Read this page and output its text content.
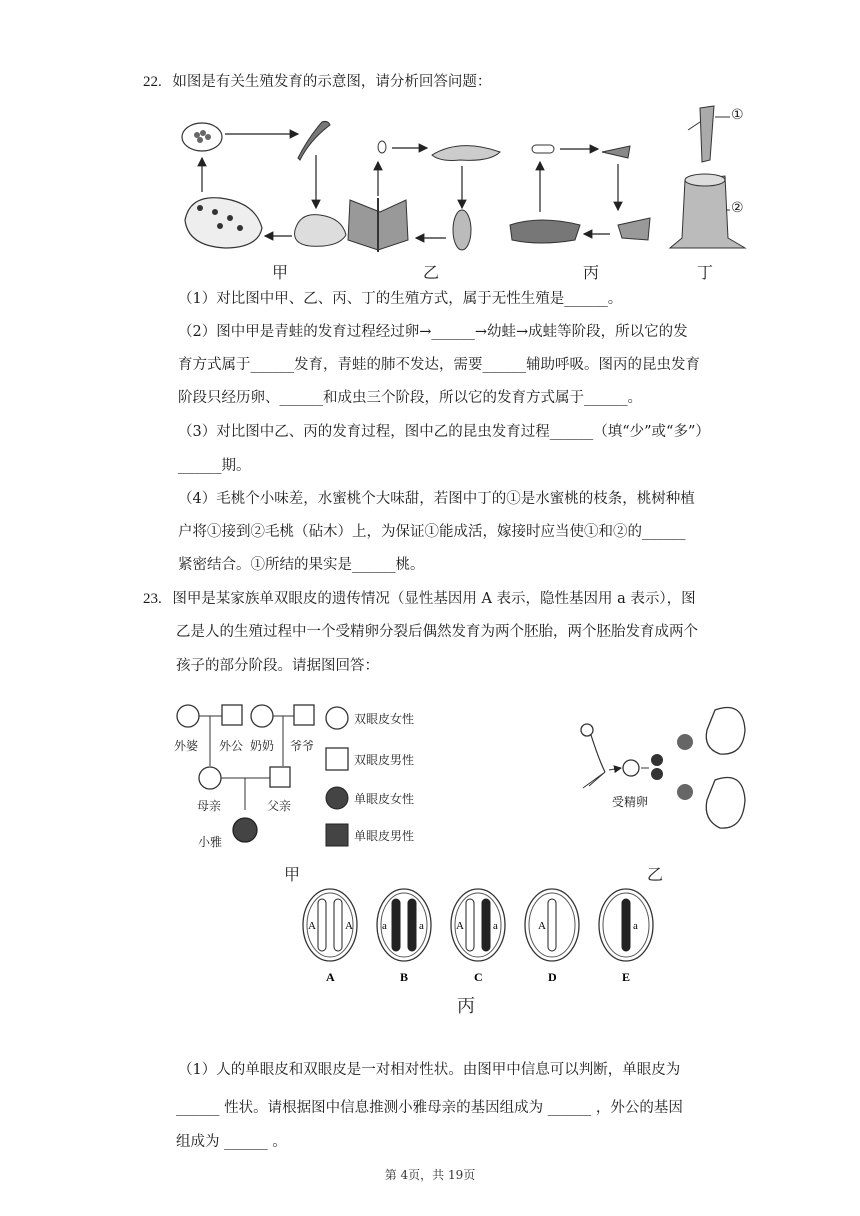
22. 如图是有关生殖发育的示意图，请分析回答问题：
甲	乙	丙	丁
①
②
（1）对比图中甲、乙、丙、丁的生殖方式，属于无性生殖是______。
（2）图中甲是青蛙的发育过程经过卵→______→幼蛙→成蛙等阶段，所以它的发
育方式属于______发育，青蛙的肺不发达，需要______辅助呼吸。图丙的昆虫发育
阶段只经历卵、______和成虫三个阶段，所以它的发育方式属于______。
（3）对比图中乙、丙的发育过程，图中乙的昆虫发育过程______（填“少”或“多”）
______期。
（4）毛桃个小味差，水蜜桃个大味甜，若图中丁的①是水蜜桃的枝条，桃树种植
户将①接到②毛桃（砧木）上，为保证①能成活，嫁接时应当使①和②的______
紧密结合。①所结的果实是______桃。
23. 图甲是某家族单双眼皮的遗传情况（显性基因用 A 表示，隐性基因用 a 表示），图
乙是人的生殖过程中一个受精卵分裂后偶然发育为两个胚胎，两个胚胎发育成两个
孩子的部分阶段。请据图回答：
双眼皮女性
双眼皮男性
单眼皮女性
单眼皮男性
外婆 外公 奶奶 爷爷
母亲	父亲
小雅
甲
受精卵
乙
A	A
A
a	a
B
A	a
C
A
D
a
E
丙
（1）人的单眼皮和双眼皮是一对相对性状。由图甲中信息可以判断，单眼皮为
______ 性状。请根据图中信息推测小雅母亲的基因组成为 ______ ，外公的基因
组成为 ______ 。
第 4页，共 19页
